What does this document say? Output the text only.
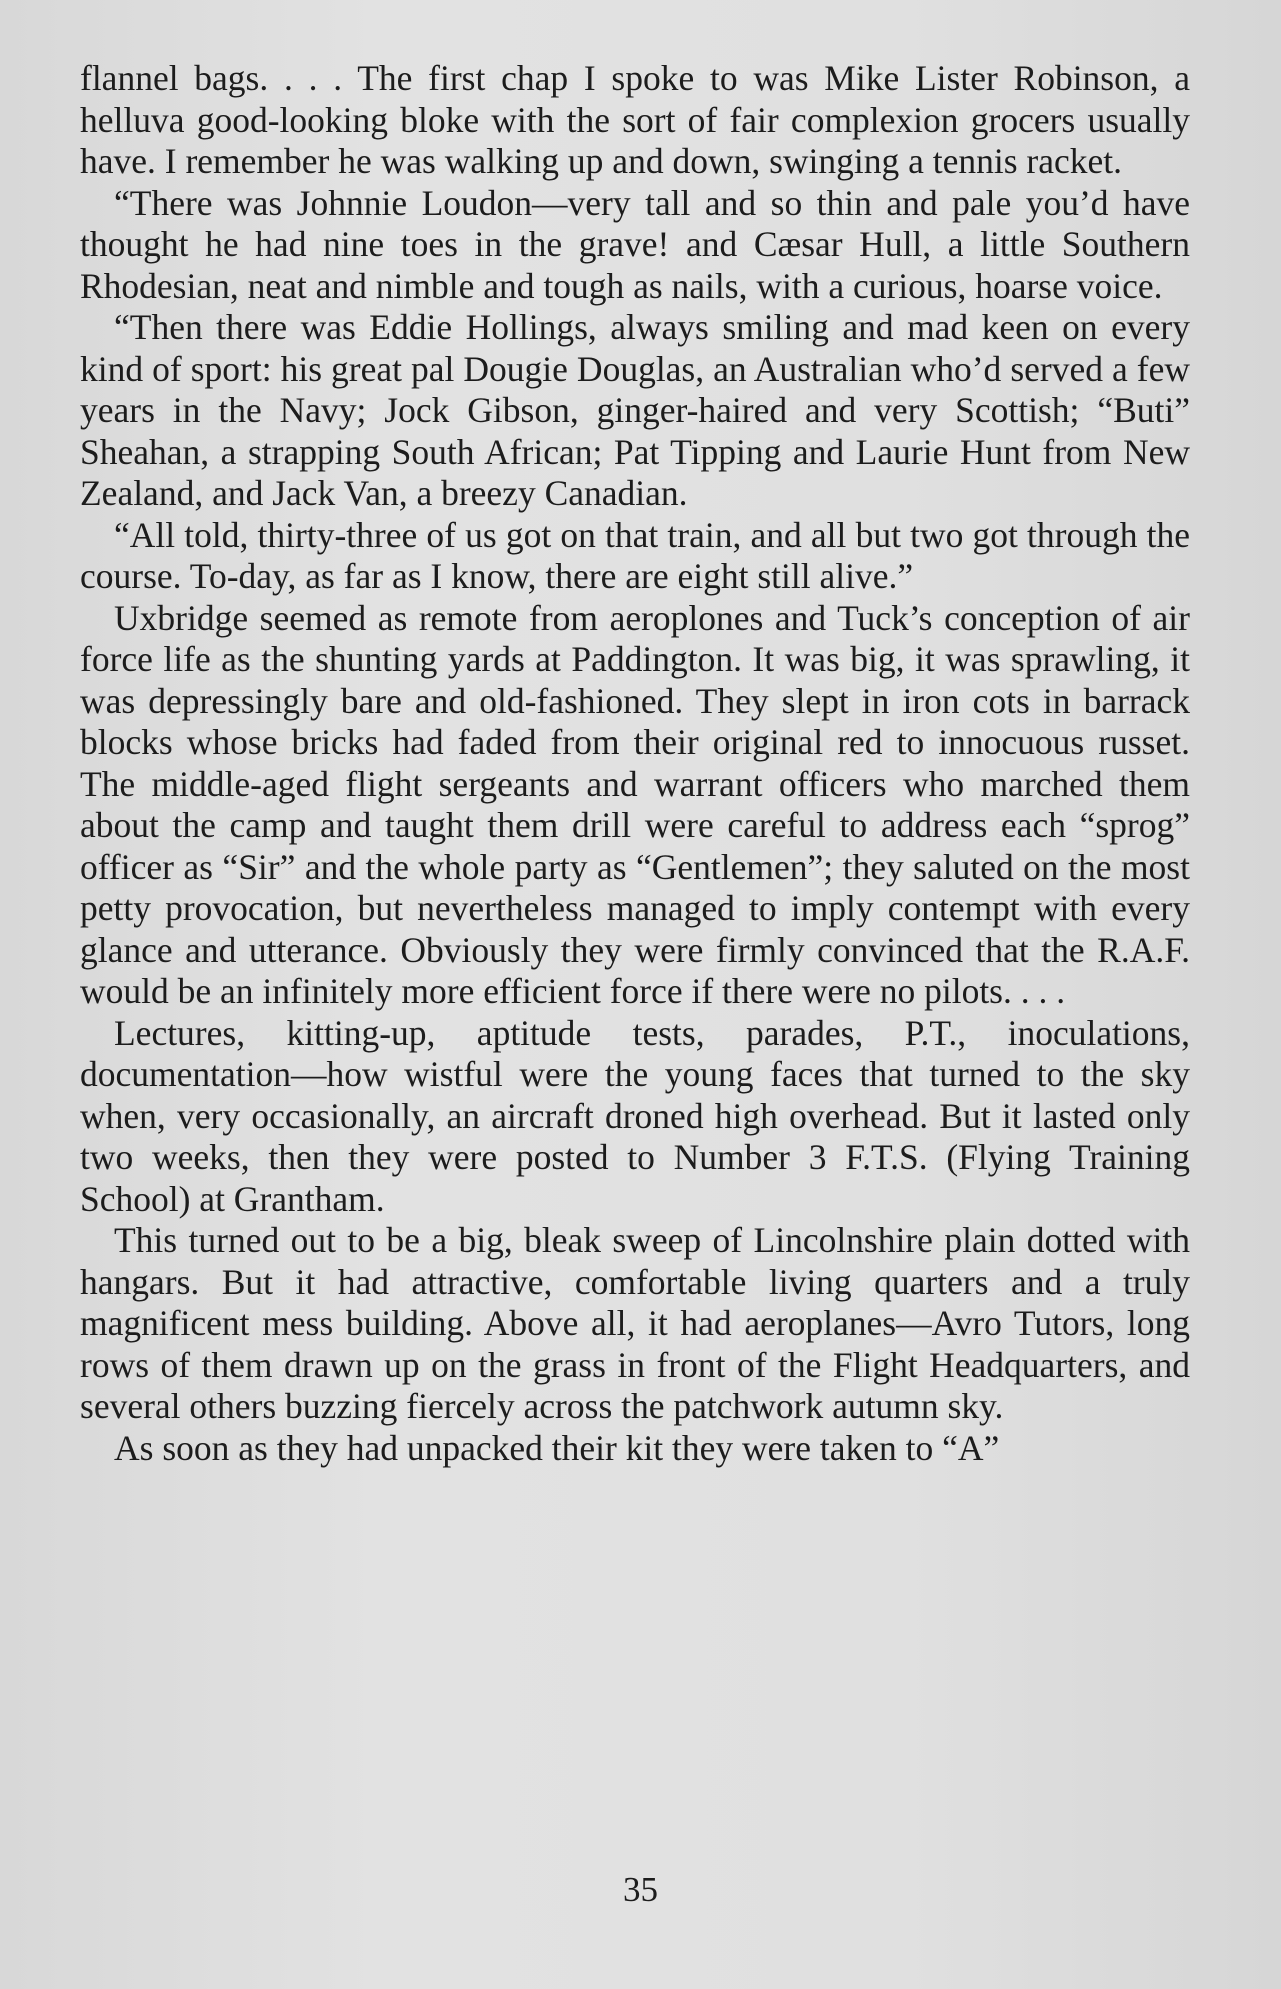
flannel bags. . . . The first chap I spoke to was Mike Lister Robinson, a helluva good-looking bloke with the sort of fair complexion grocers usually have. I remember he was walking up and down, swinging a tennis racket.

“There was Johnnie Loudon—very tall and so thin and pale you’d have thought he had nine toes in the grave! and Cæsar Hull, a little Southern Rhodesian, neat and nimble and tough as nails, with a curious, hoarse voice.

“Then there was Eddie Hollings, always smiling and mad keen on every kind of sport: his great pal Dougie Douglas, an Australian who’d served a few years in the Navy; Jock Gibson, ginger-haired and very Scottish; “Buti” Sheahan, a strapping South African; Pat Tipping and Laurie Hunt from New Zealand, and Jack Van, a breezy Canadian.

“All told, thirty-three of us got on that train, and all but two got through the course. To-day, as far as I know, there are eight still alive.”

Uxbridge seemed as remote from aeroplones and Tuck’s conception of air force life as the shunting yards at Paddington. It was big, it was sprawling, it was depressingly bare and old-fashioned. They slept in iron cots in barrack blocks whose bricks had faded from their original red to innocuous russet. The middle-aged flight sergeants and warrant officers who marched them about the camp and taught them drill were careful to address each “sprog” officer as “Sir” and the whole party as “Gentlemen”; they saluted on the most petty provocation, but nevertheless managed to imply contempt with every glance and utterance. Obviously they were firmly convinced that the R.A.F. would be an infinitely more efficient force if there were no pilots. . . .

Lectures, kitting-up, aptitude tests, parades, P.T., inoculations, documentation—how wistful were the young faces that turned to the sky when, very occasionally, an aircraft droned high overhead. But it lasted only two weeks, then they were posted to Number 3 F.T.S. (Flying Training School) at Grantham.

This turned out to be a big, bleak sweep of Lincolnshire plain dotted with hangars. But it had attractive, comfortable living quarters and a truly magnificent mess building. Above all, it had aeroplanes—Avro Tutors, long rows of them drawn up on the grass in front of the Flight Headquarters, and several others buzzing fiercely across the patchwork autumn sky.

As soon as they had unpacked their kit they were taken to “A”

35
